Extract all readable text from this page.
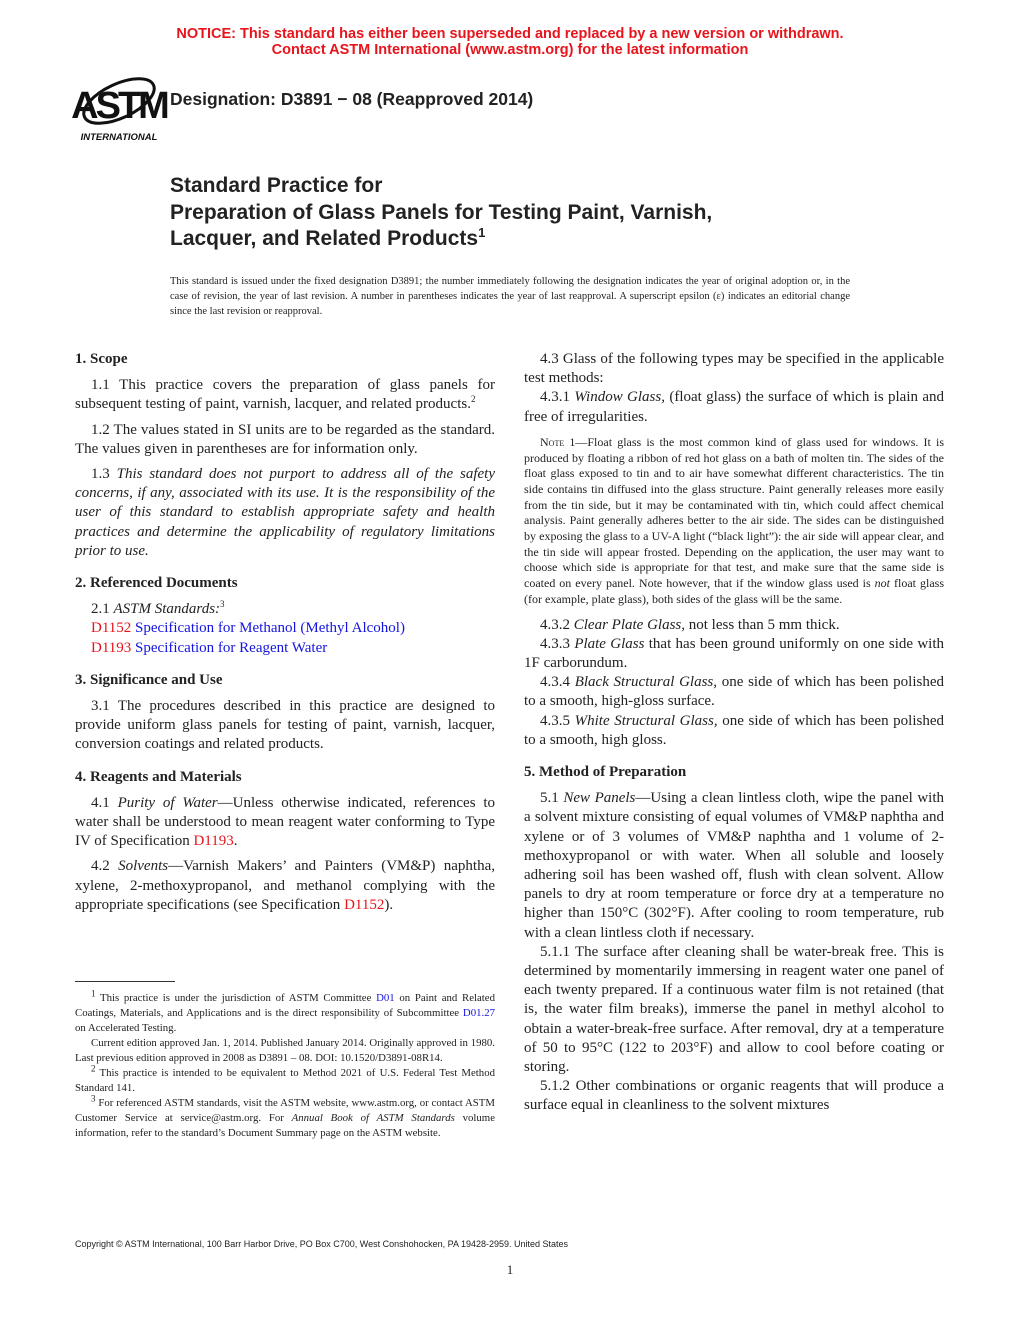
NOTICE: This standard has either been superseded and replaced by a new version or withdrawn.
Contact ASTM International (www.astm.org) for the latest information
ASTM
INTERNATIONAL
Designation: D3891 − 08 (Reapproved 2014)
Standard Practice for
Preparation of Glass Panels for Testing Paint, Varnish,
Lacquer, and Related Products$^1$
This standard is issued under the fixed designation D3891; the number immediately following the designation indicates the year of original adoption or, in the case of revision, the year of last revision. A number in parentheses indicates the year of last reapproval. A superscript epsilon (ε) indicates an editorial change since the last revision or reapproval.
1. Scope
1.1 This practice covers the preparation of glass panels for subsequent testing of paint, varnish, lacquer, and related products.$^2$
1.2 The values stated in SI units are to be regarded as the standard. The values given in parentheses are for information only.
1.3 This standard does not purport to address all of the safety concerns, if any, associated with its use. It is the responsibility of the user of this standard to establish appropriate safety and health practices and determine the applicability of regulatory limitations prior to use.
2. Referenced Documents
2.1 ASTM Standards:$^3$
D1152 Specification for Methanol (Methyl Alcohol)
D1193 Specification for Reagent Water
3. Significance and Use
3.1 The procedures described in this practice are designed to provide uniform glass panels for testing of paint, varnish, lacquer, conversion coatings and related products.
4. Reagents and Materials
4.1 Purity of Water—Unless otherwise indicated, references to water shall be understood to mean reagent water conforming to Type IV of Specification D1193.
4.2 Solvents—Varnish Makers’ and Painters (VM&P) naphtha, xylene, 2-methoxypropanol, and methanol complying with the appropriate specifications (see Specification D1152).
4.3 Glass of the following types may be specified in the applicable test methods:
4.3.1 Window Glass, (float glass) the surface of which is plain and free of irregularities.
Note 1—Float glass is the most common kind of glass used for windows. It is produced by floating a ribbon of red hot glass on a bath of molten tin. The sides of the float glass exposed to tin and to air have somewhat different characteristics. The tin side contains tin diffused into the glass structure. Paint generally releases more easily from the tin side, but it may be contaminated with tin, which could affect chemical analysis. Paint generally adheres better to the air side. The sides can be distinguished by exposing the glass to a UV-A light (“black light”): the air side will appear clear, and the tin side will appear frosted. Depending on the application, the user may want to choose which side is appropriate for that test, and make sure that the same side is coated on every panel. Note however, that if the window glass used is not float glass (for example, plate glass), both sides of the glass will be the same.
4.3.2 Clear Plate Glass, not less than 5 mm thick.
4.3.3 Plate Glass that has been ground uniformly on one side with 1F carborundum.
4.3.4 Black Structural Glass, one side of which has been polished to a smooth, high-gloss surface.
4.3.5 White Structural Glass, one side of which has been polished to a smooth, high gloss.
5. Method of Preparation
5.1 New Panels—Using a clean lintless cloth, wipe the panel with a solvent mixture consisting of equal volumes of VM&P naphtha and xylene or of 3 volumes of VM&P naphtha and 1 volume of 2-methoxypropanol or with water. When all soluble and loosely adhering soil has been washed off, flush with clean solvent. Allow panels to dry at room temperature or force dry at a temperature no higher than 150°C (302°F). After cooling to room temperature, rub with a clean lintless cloth if necessary.
5.1.1 The surface after cleaning shall be water-break free. This is determined by momentarily immersing in reagent water one panel of each twenty prepared. If a continuous water film is not retained (that is, the water film breaks), immerse the panel in methyl alcohol to obtain a water-break-free surface. After removal, dry at a temperature of 50 to 95°C (122 to 203°F) and allow to cool before coating or storing.
5.1.2 Other combinations or organic reagents that will produce a surface equal in cleanliness to the solvent mixtures
$^1$ This practice is under the jurisdiction of ASTM Committee D01 on Paint and Related Coatings, Materials, and Applications and is the direct responsibility of Subcommittee D01.27 on Accelerated Testing.
Current edition approved Jan. 1, 2014. Published January 2014. Originally approved in 1980. Last previous edition approved in 2008 as D3891 – 08. DOI: 10.1520/D3891-08R14.
$^2$ This practice is intended to be equivalent to Method 2021 of U.S. Federal Test Method Standard 141.
$^3$ For referenced ASTM standards, visit the ASTM website, www.astm.org, or contact ASTM Customer Service at service@astm.org. For Annual Book of ASTM Standards volume information, refer to the standard’s Document Summary page on the ASTM website.
Copyright © ASTM International, 100 Barr Harbor Drive, PO Box C700, West Conshohocken, PA 19428-2959. United States
1
